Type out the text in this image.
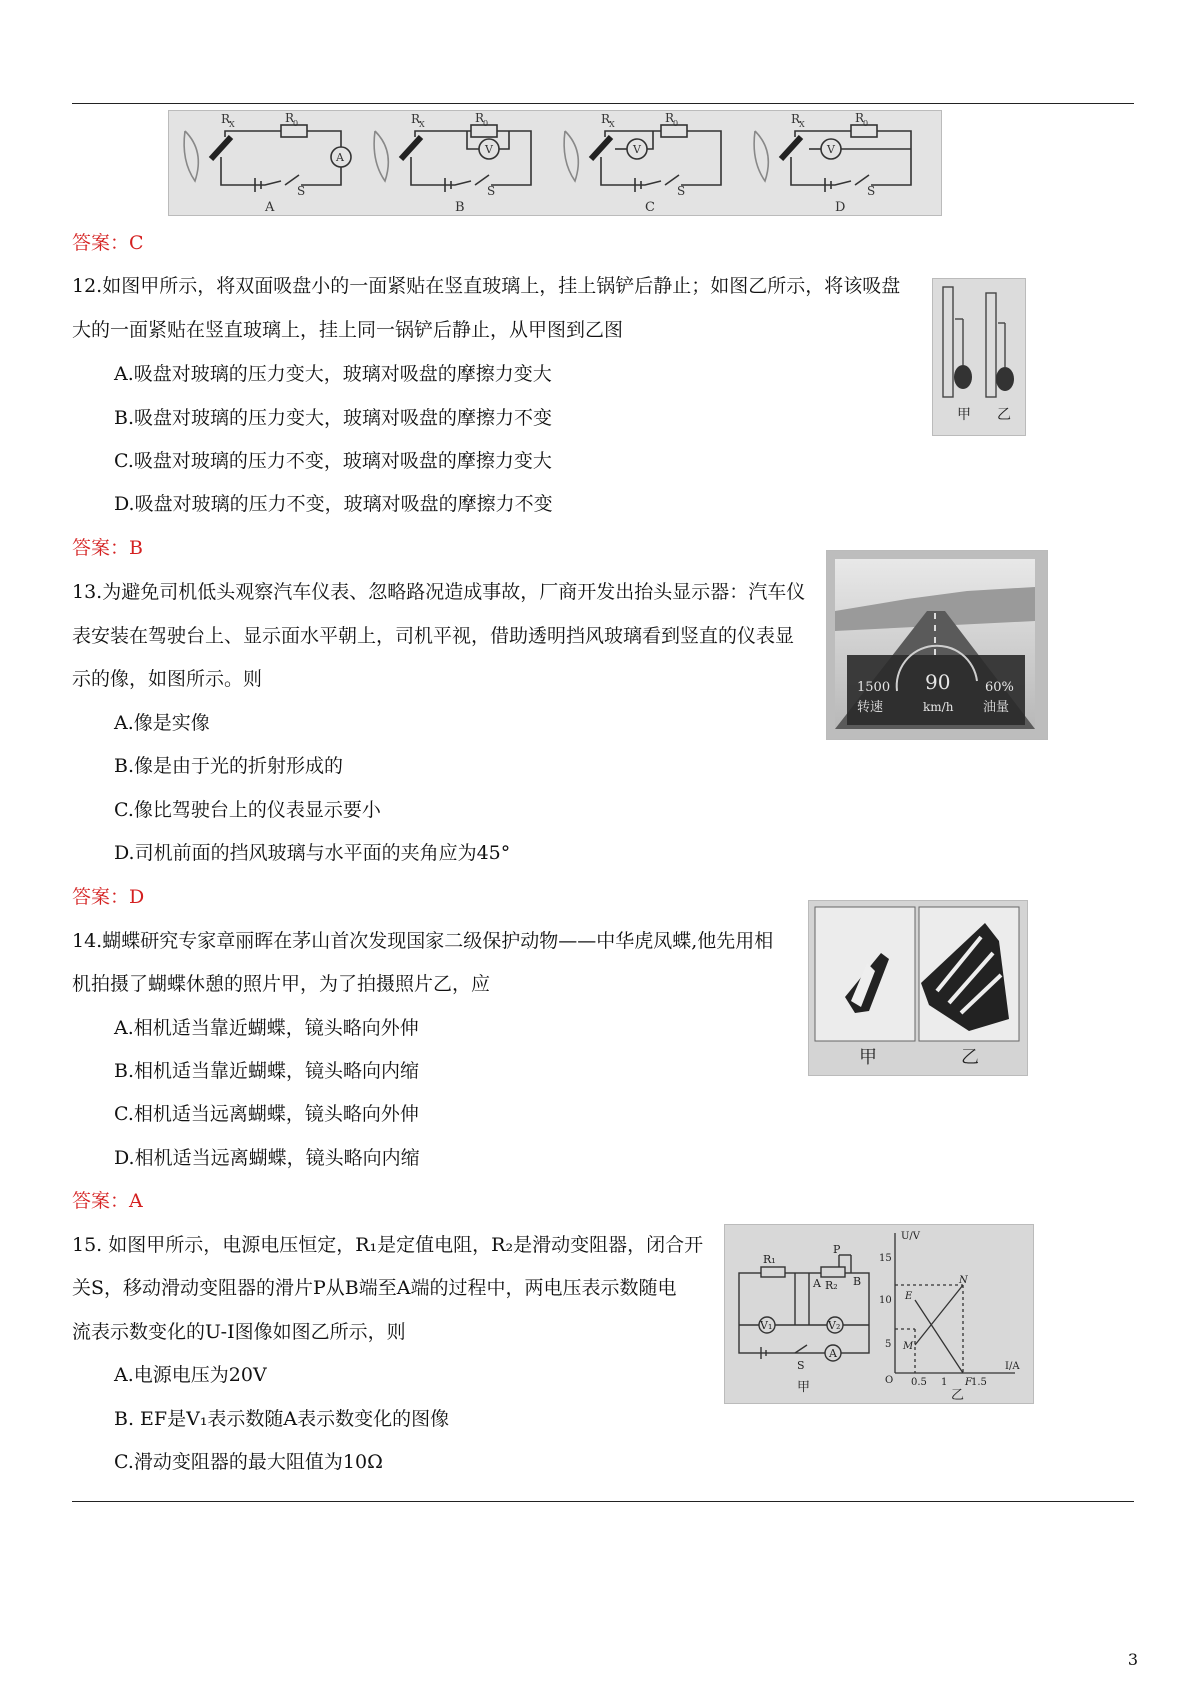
A
R
X	R
0
S
A
V
R
X	R
0
S
B
V
R
X	R
0
S
C
V
R
X	R
0
S
D
答案：C
12.如图甲所示，将双面吸盘小的一面紧贴在竖直玻璃上，挂上锅铲后静止；如图乙所示，将该吸盘
大的一面紧贴在竖直玻璃上，挂上同一锅铲后静止，从甲图到乙图
A.吸盘对玻璃的压力变大，玻璃对吸盘的摩擦力变大
B.吸盘对玻璃的压力变大，玻璃对吸盘的摩擦力不变
C.吸盘对玻璃的压力不变，玻璃对吸盘的摩擦力变大
D.吸盘对玻璃的压力不变，玻璃对吸盘的摩擦力不变
答案：B
甲 乙
13.为避免司机低头观察汽车仪表、忽略路况造成事故，厂商开发出抬头显示器：汽车仪
表安装在驾驶台上、显示面水平朝上，司机平视，借助透明挡风玻璃看到竖直的仪表显
示的像，如图所示。则
A.像是实像
B.像是由于光的折射形成的
C.像比驾驶台上的仪表显示要小
D.司机前面的挡风玻璃与水平面的夹角应为45°
答案：D
90
1500
转速	km/h
60%
油量
14.蝴蝶研究专家章丽晖在茅山首次发现国家二级保护动物——中华虎凤蝶,他先用相
机拍摄了蝴蝶休憩的照片甲，为了拍摄照片乙，应
A.相机适当靠近蝴蝶，镜头略向外伸
B.相机适当靠近蝴蝶，镜头略向内缩
C.相机适当远离蝴蝶，镜头略向外伸
D.相机适当远离蝴蝶，镜头略向内缩
答案：A
甲	乙
15. 如图甲所示，电源电压恒定，R₁是定值电阻，R₂是滑动变阻器，闭合开
关S，移动滑动变阻器的滑片P从B端至A端的过程中，两电压表示数随电
流表示数变化的U-I图像如图乙所示，则
A.电源电压为20V
B. EF是V₁表示数随A表示数变化的图像
C.滑动变阻器的最大阻值为10Ω
R₁
R₂
P
A	B
V₁	V₂
A
S
甲
U/V
I/A
O
5
10
15
0.5 1 1.5
N
E
M
F
乙
3
